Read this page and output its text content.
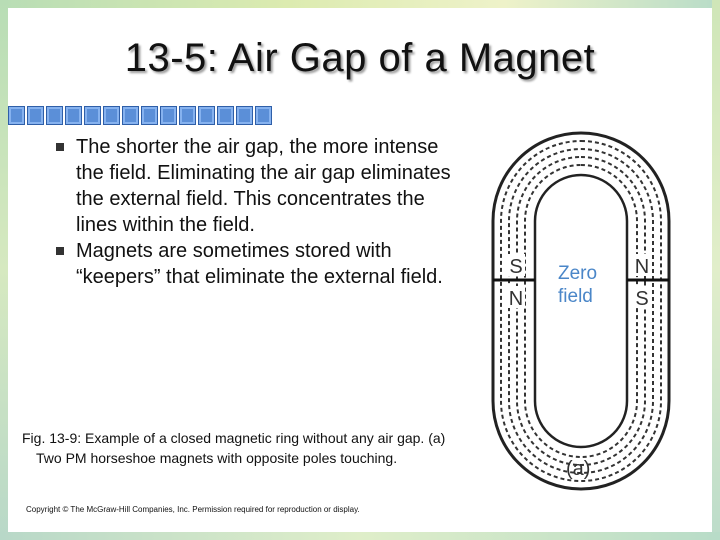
13-5: Air Gap of a Magnet
The shorter the air gap, the more intense the field. Eliminating the air gap eliminates the external field. This concentrates the lines within the field.
Magnets are sometimes stored with “keepers” that eliminate the external field.
Fig. 13-9: Example of a closed magnetic ring without any air gap. (a) Two PM horseshoe magnets with opposite poles touching.
Copyright © The McGraw-Hill Companies, Inc. Permission required for reproduction or display.
S
N
N
S
Zero
field
(a)
